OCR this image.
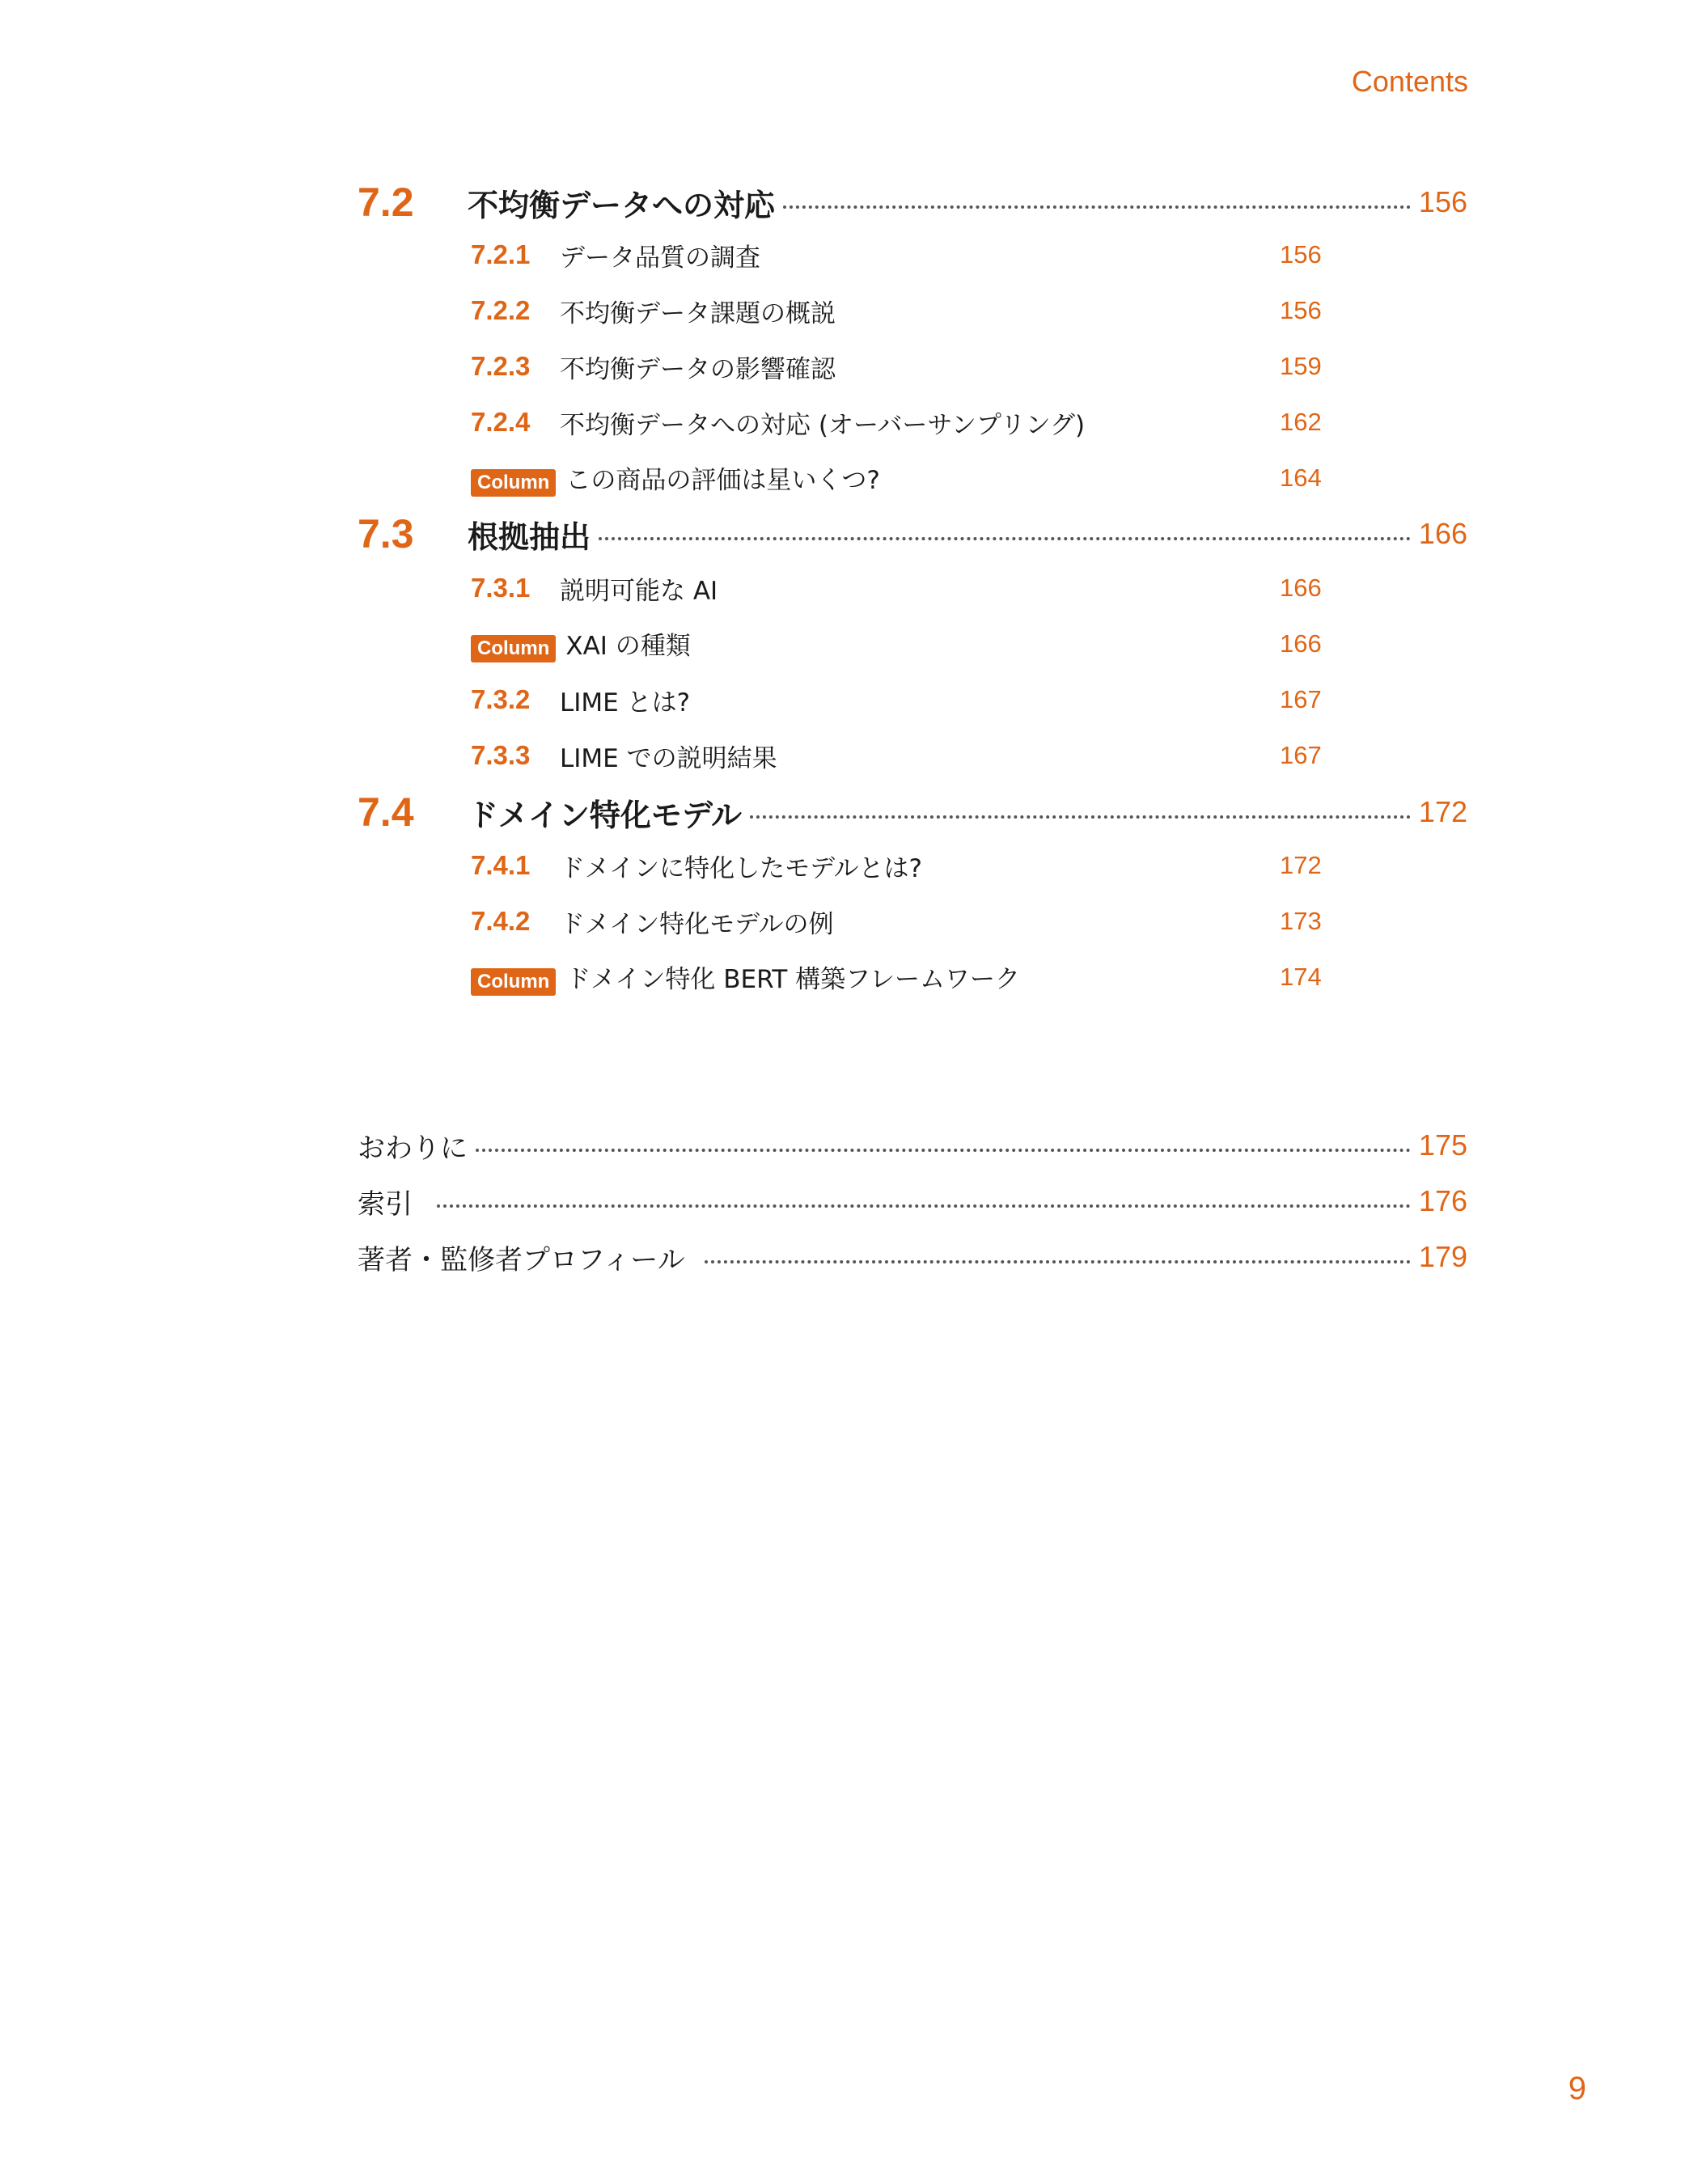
Contents
7.2	不均衡データへの対応	156
7.2.1	データ品質の調査	156
7.2.2	不均衡データ課題の概説	156
7.2.3	不均衡データの影響確認	159
7.2.4	不均衡データへの対応 (オーバーサンプリング)	162
Column この商品の評価は星いくつ?	164
7.3	根拠抽出	166
7.3.1	説明可能な AI	166
Column XAI の種類	166
7.3.2	LIME とは?	167
7.3.3	LIME での説明結果	167
7.4	ドメイン特化モデル	172
7.4.1	ドメインに特化したモデルとは?	172
7.4.2	ドメイン特化モデルの例	173
Column ドメイン特化 BERT 構築フレームワーク	174
おわりに	175
索引	176
著者・監修者プロフィール	179
9
